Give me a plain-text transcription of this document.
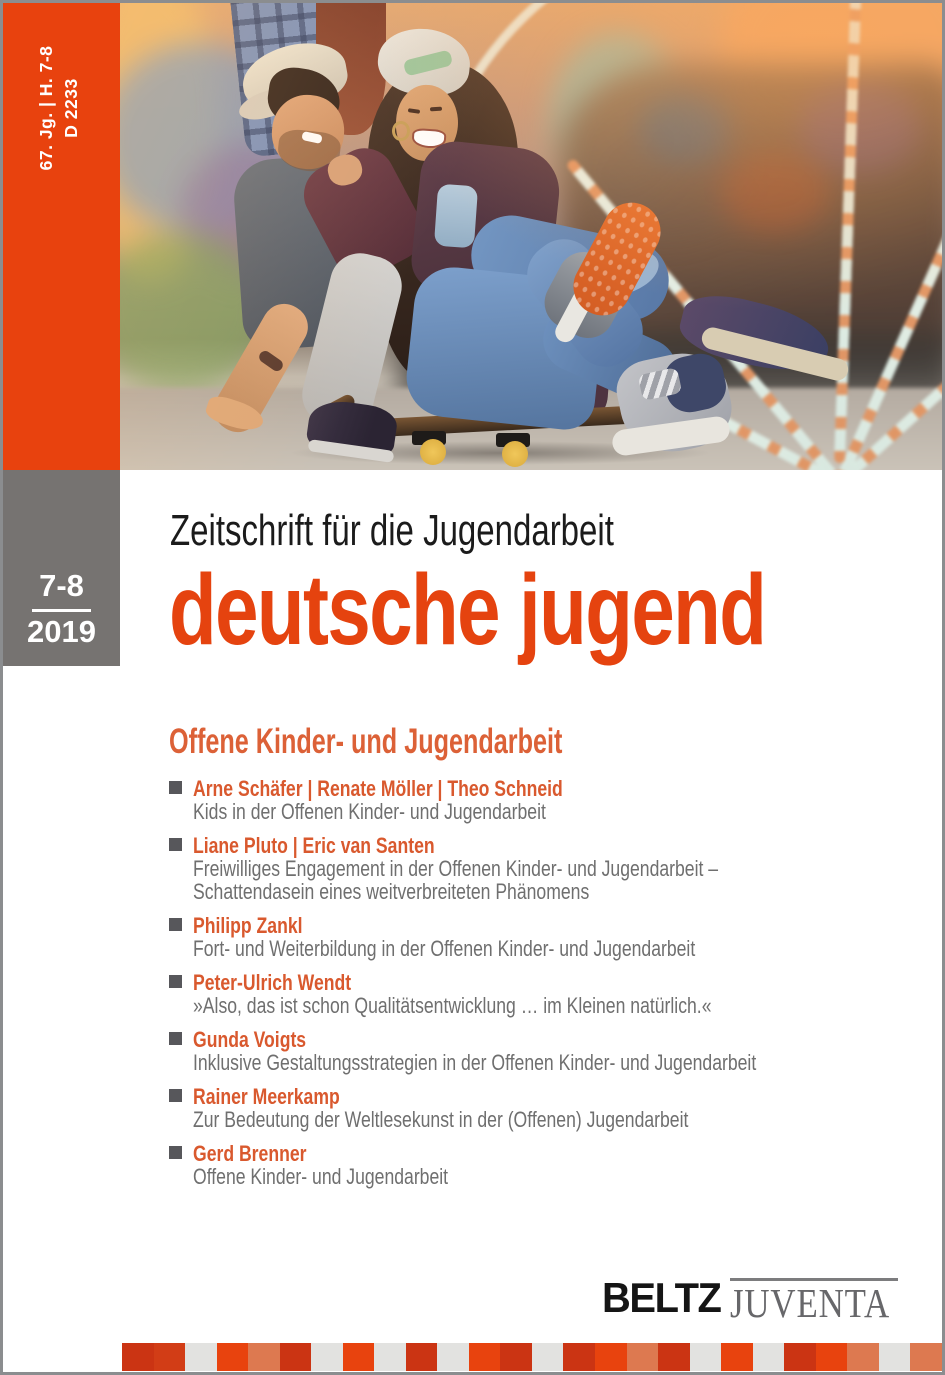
67. Jg. | H. 7-8 D 2233
7-8
2019
Zeitschrift für die Jugendarbeit
deutsche jugend
Offene Kinder- und Jugendarbeit
Arne Schäfer | Renate Möller | Theo Schneid
Kids in der Offenen Kinder- und Jugendarbeit
Liane Pluto | Eric van Santen
Freiwilliges Engagement in der Offenen Kinder- und Jugendarbeit –
Schattendasein eines weitverbreiteten Phänomens
Philipp Zankl
Fort- und Weiterbildung in der Offenen Kinder- und Jugendarbeit
Peter-Ulrich Wendt
»Also, das ist schon Qualitätsentwicklung … im Kleinen natürlich.«
Gunda Voigts
Inklusive Gestaltungsstrategien in der Offenen Kinder- und Jugendarbeit
Rainer Meerkamp
Zur Bedeutung der Weltlesekunst in der (Offenen) Jugendarbeit
Gerd Brenner
Offene Kinder- und Jugendarbeit
BELTZ JUVENTA
